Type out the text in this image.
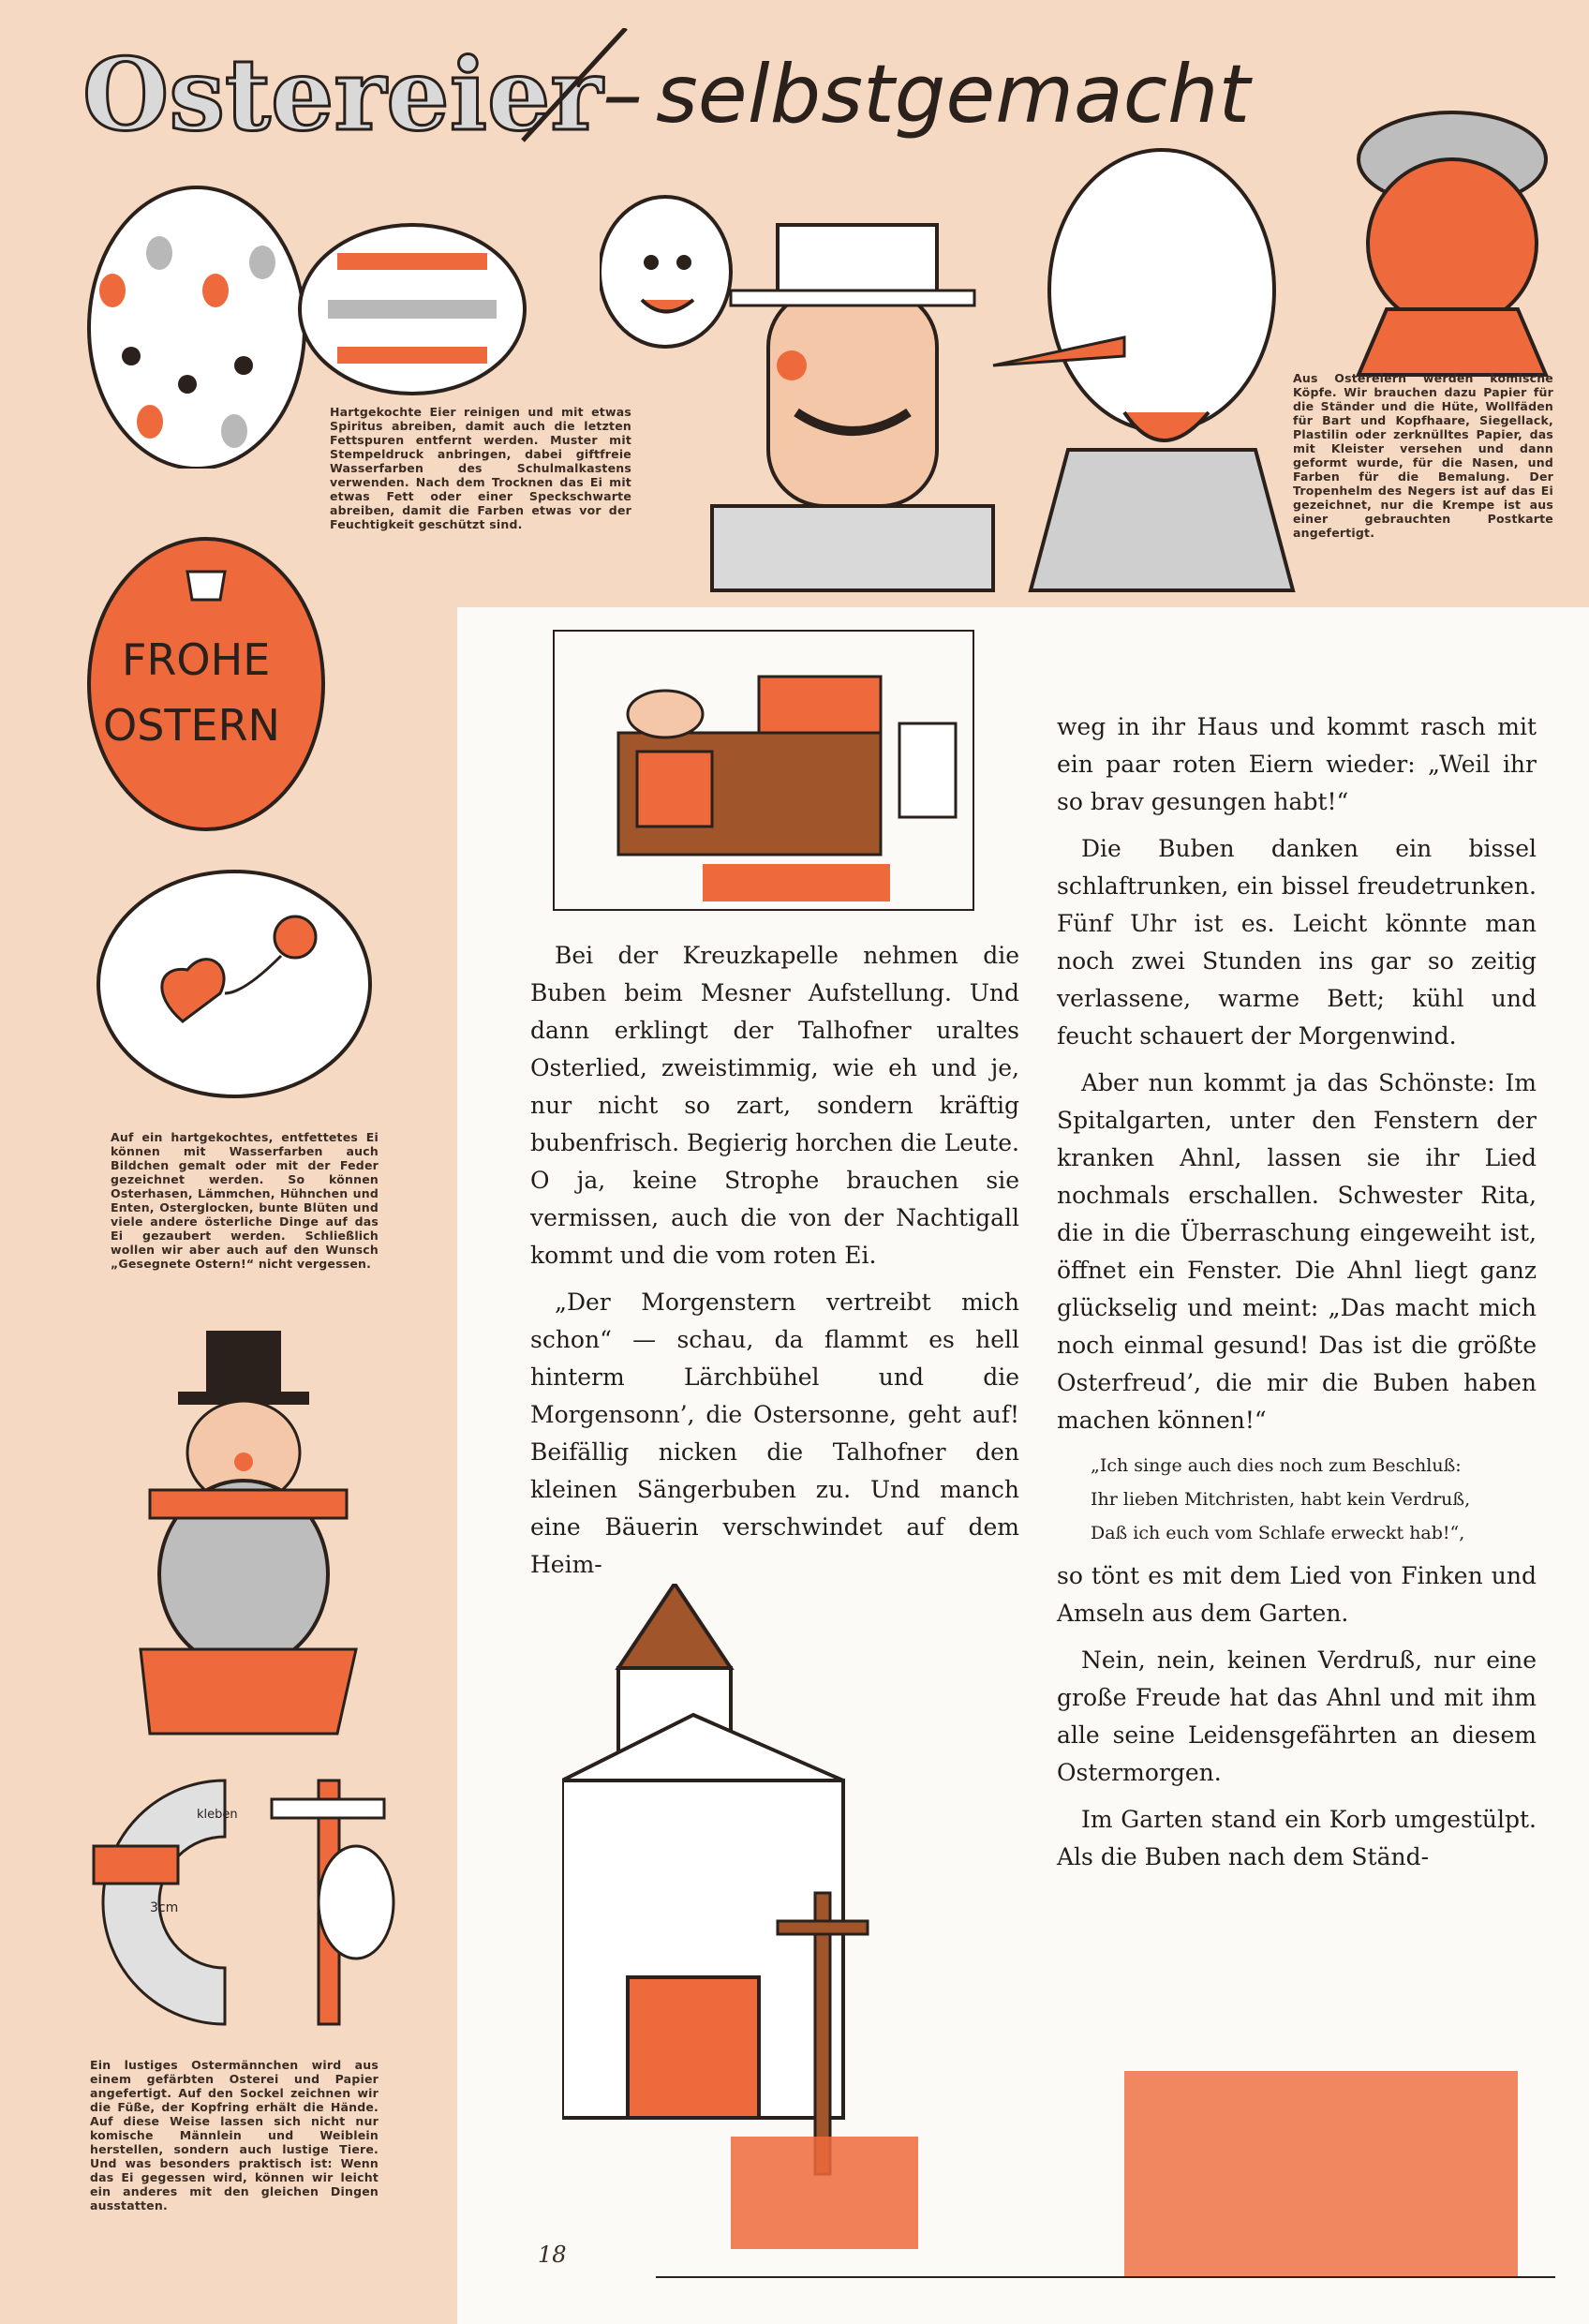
Ostereier – selbstgemacht
Hartgekochte Eier reinigen und mit etwas Spiritus abreiben, damit auch die letzten Fettspuren entfernt werden. Muster mit Stempeldruck anbringen, dabei giftfreie Wasserfarben des Schulmalkastens verwenden. Nach dem Trocknen das Ei mit etwas Fett oder einer Speckschwarte abreiben, damit die Farben etwas vor der Feuchtigkeit geschützt sind.
Aus Ostereiern werden komische Köpfe. Wir brauchen dazu Papier für die Ständer und die Hüte, Wollfäden für Bart und Kopfhaare, Siegellack, Plastilin oder zerknülltes Papier, das mit Kleister versehen und dann geformt wurde, für die Nasen, und Farben für die Bemalung. Der Tropenhelm des Negers ist auf das Ei gezeichnet, nur die Krempe ist aus einer gebrauchten Postkarte angefertigt.
FROHE
OSTERN
Auf ein hartgekochtes, entfettetes Ei können mit Wasserfarben auch Bildchen gemalt oder mit der Feder gezeichnet werden. So können Osterhasen, Lämmchen, Hühnchen und Enten, Osterglocken, bunte Blüten und viele andere österliche Dinge auf das Ei gezaubert werden. Schließlich wollen wir aber auch auf den Wunsch „Gesegnete Ostern!“ nicht vergessen.
3cm
kleben
Ein lustiges Ostermännchen wird aus einem gefärbten Osterei und Papier angefertigt. Auf den Sockel zeichnen wir die Füße, der Kopfring erhält die Hände. Auf diese Weise lassen sich nicht nur komische Männlein und Weiblein herstellen, sondern auch lustige Tiere. Und was besonders praktisch ist: Wenn das Ei gegessen wird, können wir leicht ein anderes mit den gleichen Dingen ausstatten.

Bei der Kreuzkapelle nehmen die Buben beim Mesner Aufstellung. Und dann erklingt der Talhofner uraltes Osterlied, zweistimmig, wie eh und je, nur nicht so zart, sondern kräftig bubenfrisch. Begierig horchen die Leute. O ja, keine Strophe brauchen sie vermissen, auch die von der Nachtigall kommt und die vom roten Ei.

„Der Morgenstern vertreibt mich schon“ — schau, da flammt es hell hinterm Lärchbühel und die Morgensonn’, die Ostersonne, geht auf! Beifällig nicken die Talhofner den kleinen Sängerbuben zu. Und manch eine Bäuerin verschwindet auf dem Heim-

weg in ihr Haus und kommt rasch mit ein paar roten Eiern wieder: „Weil ihr so brav gesungen habt!“

Die Buben danken ein bissel schlaftrunken, ein bissel freudetrunken. Fünf Uhr ist es. Leicht könnte man noch zwei Stunden ins gar so zeitig verlassene, warme Bett; kühl und feucht schauert der Morgenwind.

Aber nun kommt ja das Schönste: Im Spitalgarten, unter den Fenstern der kranken Ahnl, lassen sie ihr Lied nochmals erschallen. Schwester Rita, die in die Überraschung eingeweiht ist, öffnet ein Fenster. Die Ahnl liegt ganz glückselig und meint: „Das macht mich noch einmal gesund! Das ist die größte Osterfreud’, die mir die Buben haben machen können!“

„Ich singe auch dies noch zum Beschluß:
Ihr lieben Mitchristen, habt kein Verdruß,
Daß ich euch vom Schlafe erweckt hab!“,

so tönt es mit dem Lied von Finken und Amseln aus dem Garten.

Nein, nein, keinen Verdruß, nur eine große Freude hat das Ahnl und mit ihm alle seine Leidensgefährten an diesem Ostermorgen.

Im Garten stand ein Korb umgestülpt. Als die Buben nach dem Ständ-

18
